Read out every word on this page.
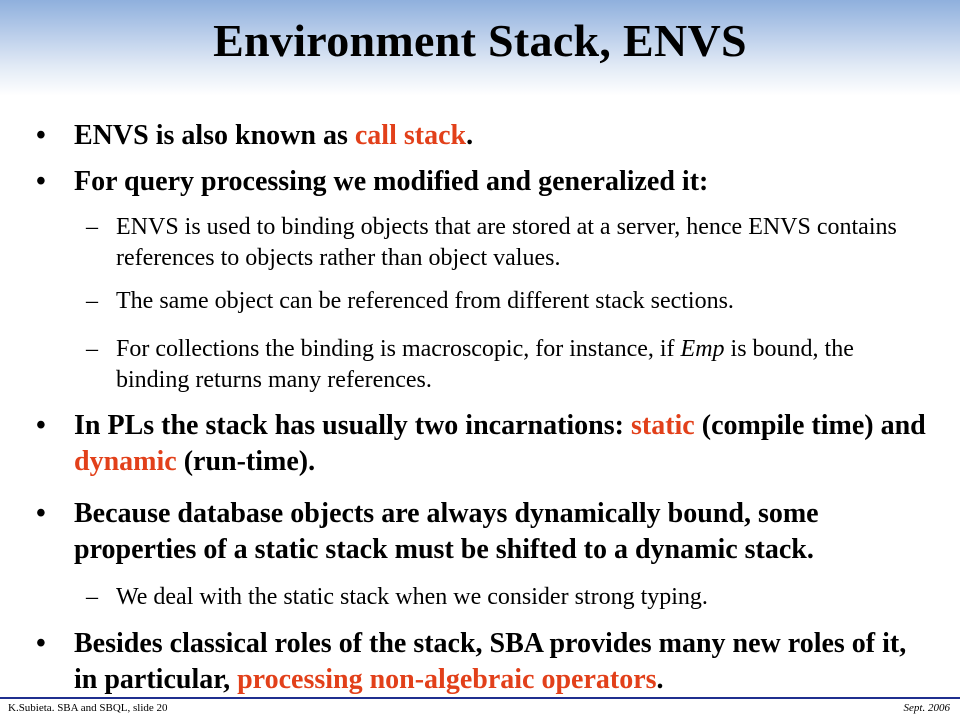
Environment Stack, ENVS
• ENVS is also known as call stack.
• For query processing we modified and generalized it:
– ENVS is used to binding objects that are stored at a server, hence ENVS contains references to objects rather than object values.
– The same object can be referenced from different stack sections.
– For collections the binding is macroscopic, for instance, if Emp is bound, the binding returns many references.
• In PLs the stack has usually two incarnations: static (compile time) and dynamic (run-time).
• Because database objects are always dynamically bound, some properties of a static stack must be shifted to a dynamic stack.
– We deal with the static stack when we consider strong typing.
• Besides classical roles of the stack, SBA provides many new roles of it, in particular, processing non-algebraic operators.
K.Subieta. SBA and SBQL, slide 20	Sept. 2006
